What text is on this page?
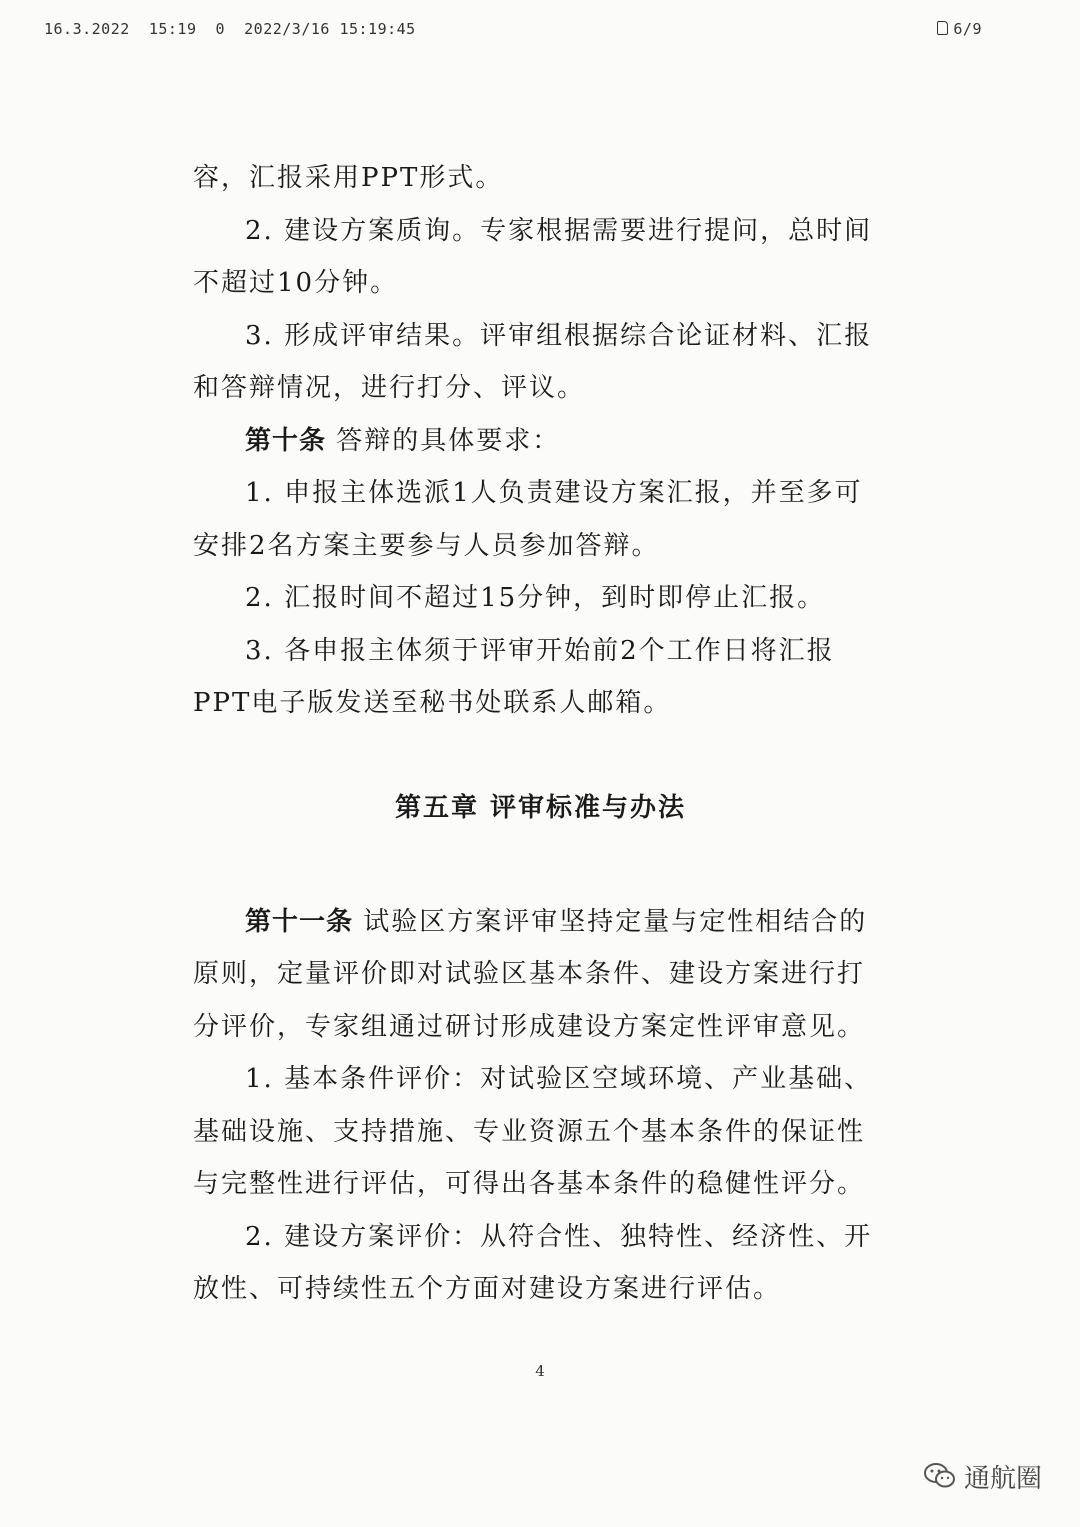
16.3.2022  15:19  0  2022/3/16 15:19:45	6/9

容，汇报采用PPT形式。

2. 建设方案质询。专家根据需要进行提问，总时间不超过10分钟。

3. 形成评审结果。评审组根据综合论证材料、汇报和答辩情况，进行打分、评议。

第十条 答辩的具体要求：

1. 申报主体选派1人负责建设方案汇报，并至多可安排2名方案主要参与人员参加答辩。

2. 汇报时间不超过15分钟，到时即停止汇报。

3. 各申报主体须于评审开始前2个工作日将汇报PPT电子版发送至秘书处联系人邮箱。

第五章 评审标准与办法

第十一条 试验区方案评审坚持定量与定性相结合的原则，定量评价即对试验区基本条件、建设方案进行打分评价，专家组通过研讨形成建设方案定性评审意见。

1. 基本条件评价：对试验区空域环境、产业基础、基础设施、支持措施、专业资源五个基本条件的保证性与完整性进行评估，可得出各基本条件的稳健性评分。

2. 建设方案评价：从符合性、独特性、经济性、开放性、可持续性五个方面对建设方案进行评估。

4
通航圈
